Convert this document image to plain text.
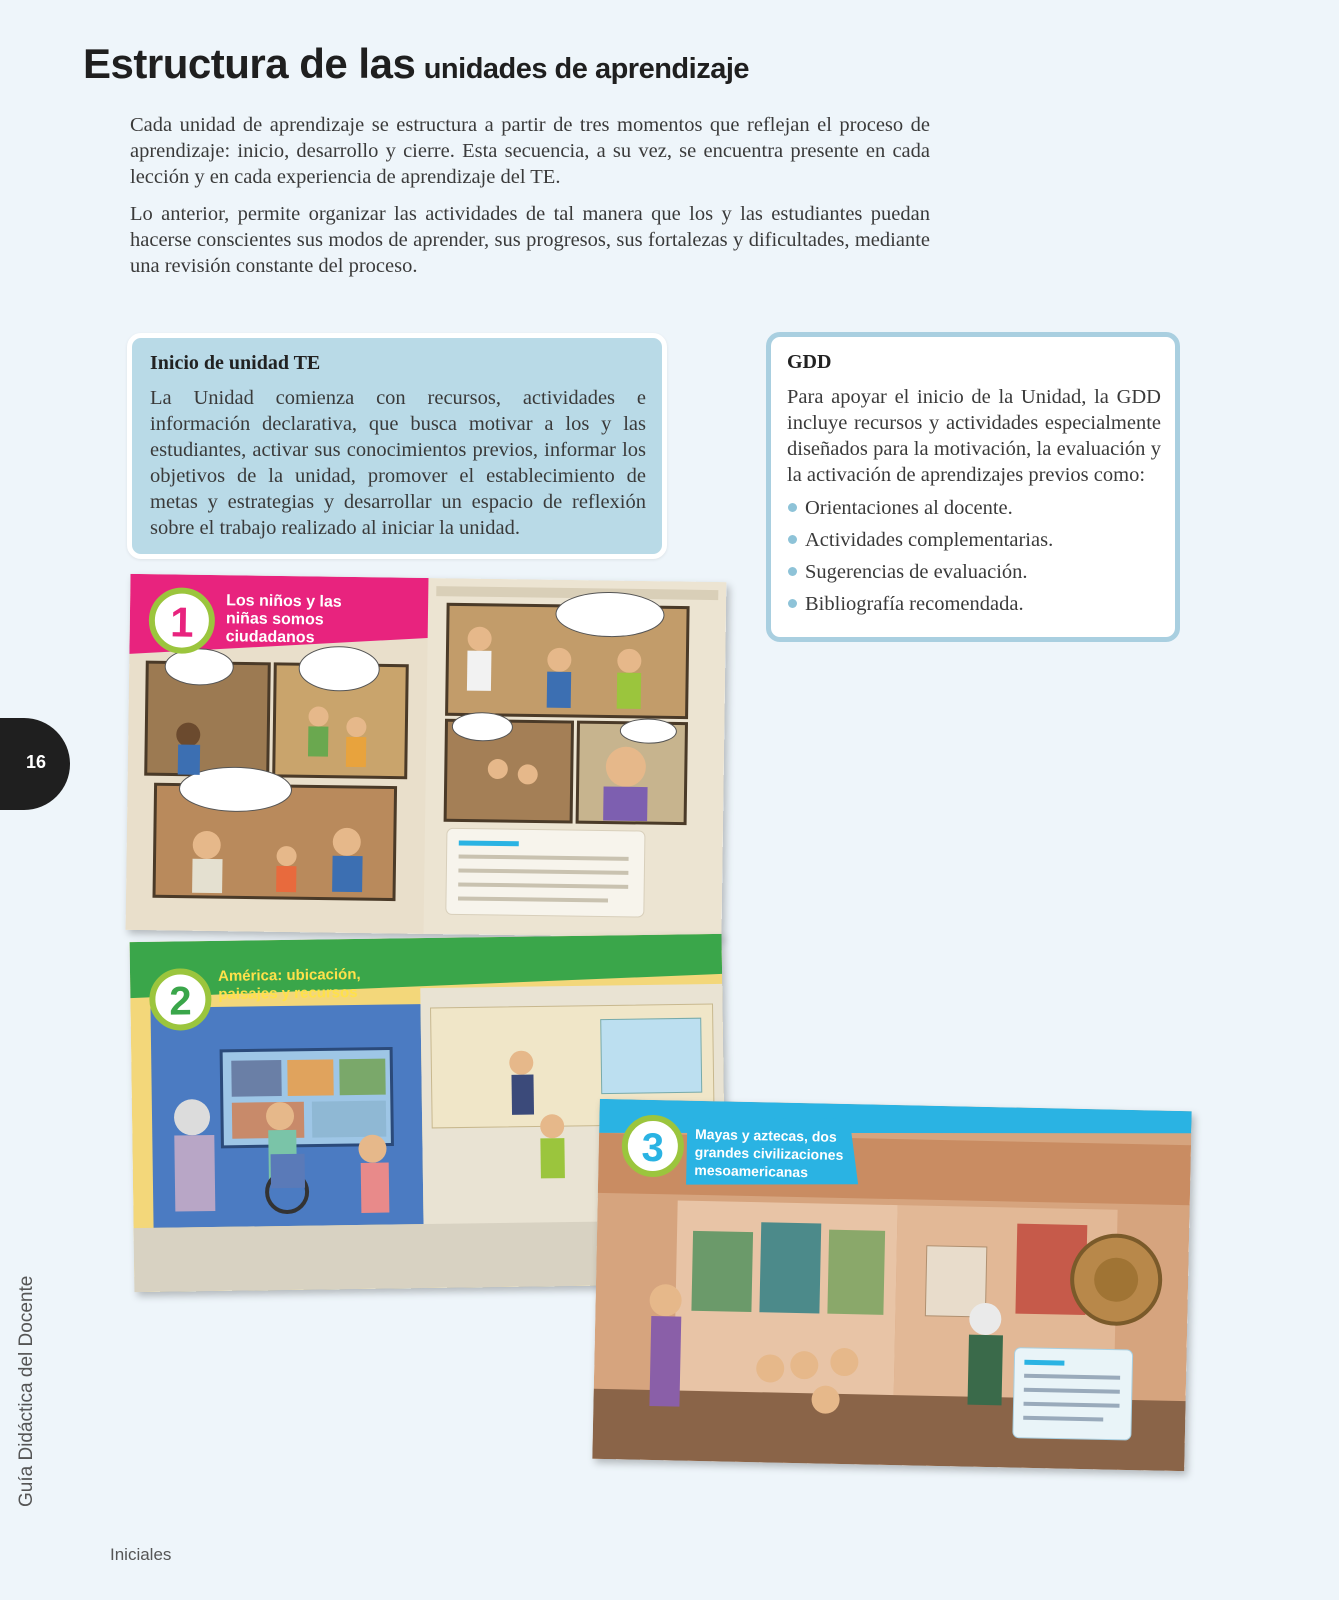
Estructura de las unidades de aprendizaje

Cada unidad de aprendizaje se estructura a partir de tres momentos que reflejan el proceso de aprendizaje: inicio, desarrollo y cierre. Esta secuencia, a su vez, se encuentra presente en cada lección y en cada experiencia de aprendizaje del TE.

Lo anterior, permite organizar las actividades de tal manera que los y las estudiantes puedan hacerse conscientes sus modos de aprender, sus progresos, sus fortalezas y dificultades, mediante una revisión constante del proceso.

Inicio de unidad TE

La Unidad comienza con recursos, actividades e información declarativa, que busca motivar a los y las estudiantes, activar sus conocimientos previos, informar los objetivos de la unidad, promover el establecimiento de metas y estrategias y desarrollar un espacio de reflexión sobre el trabajo realizado al iniciar la unidad.

GDD

Para apoyar el inicio de la Unidad, la GDD incluye recursos y actividades especialmente diseñados para la motivación, la evaluación y la activación de aprendizajes previos como:

Orientaciones al docente.
Actividades complementarias.
Sugerencias de evaluación.
Bibliografía recomendada.
1 Los niños y las
niñas somos
ciudadanos
2
América: ubicación,
paisajes y recursos
3 Mayas y aztecas, dos
grandes civilizaciones
mesoamericanas
16
Guía Didáctica del Docente
Iniciales
